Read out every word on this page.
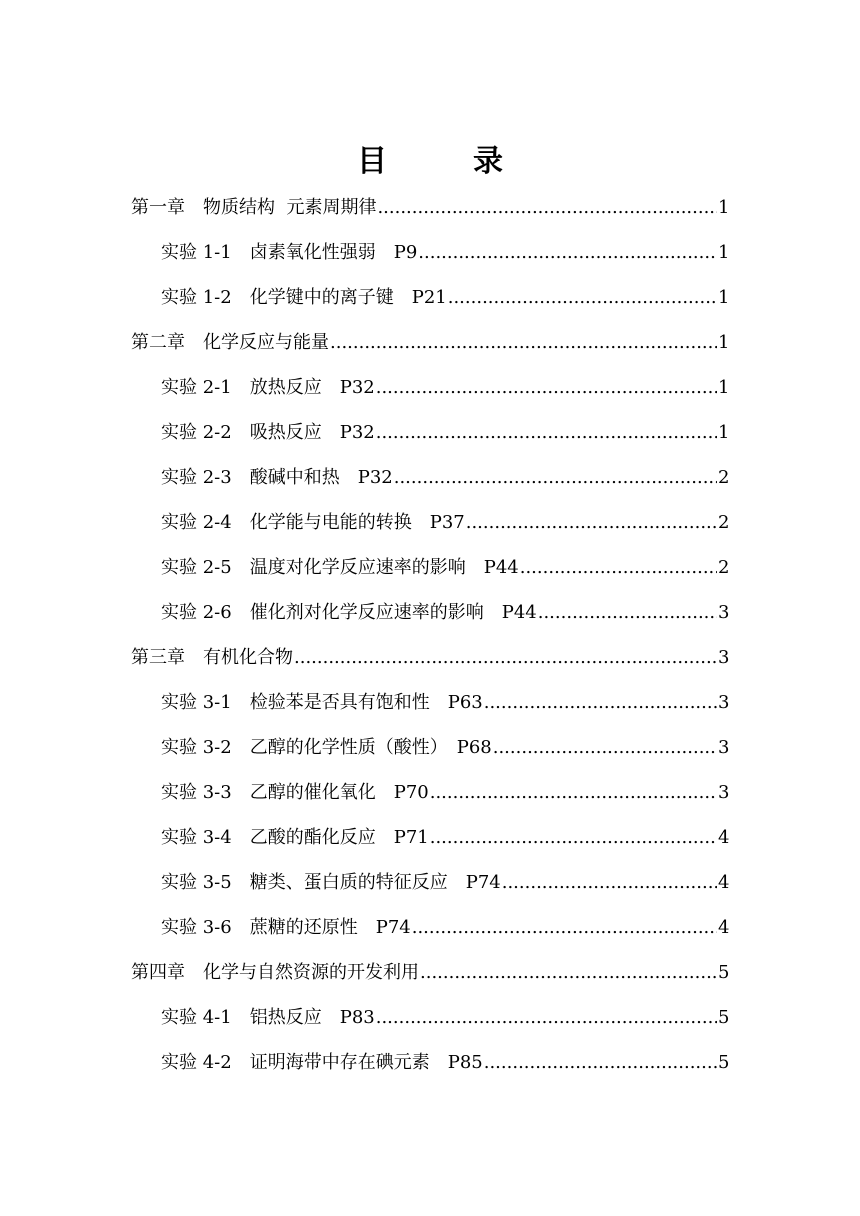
目　录
第一章　物质结构  元素周期律 .....	1
实验 1-1　卤素氧化性强弱　P9 .....	1
实验 1-2　化学键中的离子键　P21 .....	1
第二章　化学反应与能量 .....	1
实验 2-1　放热反应　P32 .....	1
实验 2-2　吸热反应　P32 .....	1
实验 2-3　酸碱中和热　P32 .....	2
实验 2-4　化学能与电能的转换　P37 .....	2
实验 2-5　温度对化学反应速率的影响　P44 .....	2
实验 2-6　催化剂对化学反应速率的影响　P44 .....	3
第三章　有机化合物 .....	3
实验 3-1　检验苯是否具有饱和性　P63 .....	3
实验 3-2　乙醇的化学性质（酸性）　P68 .....	3
实验 3-3　乙醇的催化氧化　P70 .....	3
实验 3-4　乙酸的酯化反应　P71 .....	4
实验 3-5　糖类、蛋白质的特征反应　P74 .....	4
实验 3-6　蔗糖的还原性　P74 .....	4
第四章　化学与自然资源的开发利用 .....	5
实验 4-1　铝热反应　P83 .....	5
实验 4-2　证明海带中存在碘元素　P85 .....	5
